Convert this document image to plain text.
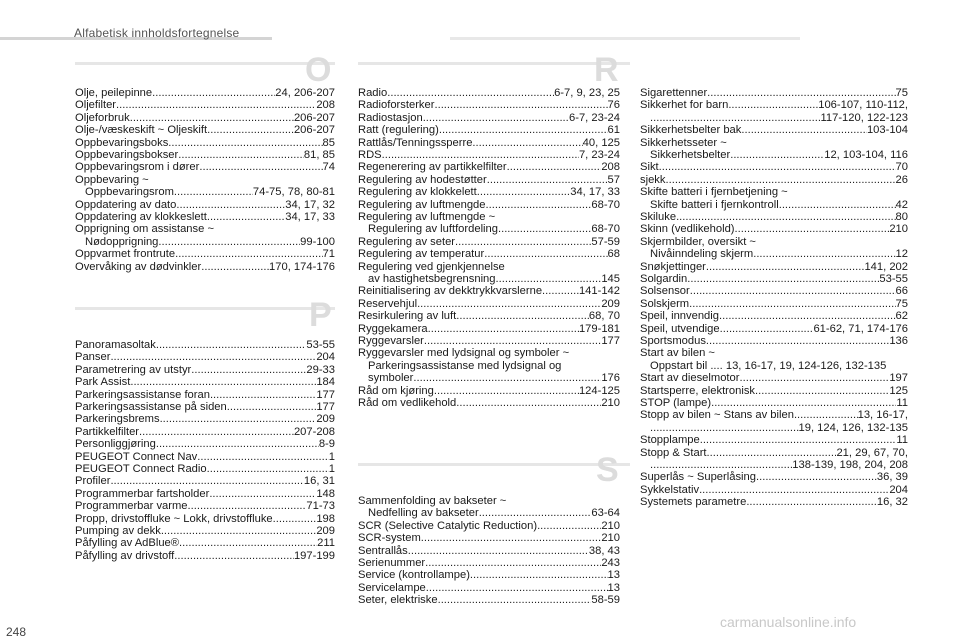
Alfabetisk innholdsfortegnelse
O
Olje, peilepinne .....	24, 206-207
Oljefilter .....	208
Oljeforbruk .....	206-207
Olje-/væskeskift ~ Oljeskift .....	206-207
Oppbevaringsboks .....	85
Oppbevaringsbokser .....	81, 85
Oppbevaringsrom i dører .....	74
Oppbevaring ~
Oppbevaringsrom .....	74-75, 78, 80-81
Oppdatering av dato .....	34, 17, 32
Oppdatering av klokkeslett .....	34, 17, 33
Opprigning om assistanse ~
Nødopprigning .....	99-100
Oppvarmet frontrute .....	71
Overvåking av dødvinkler .....	170, 174-176
P
Panoramasoltak .....	53-55
Panser .....	204
Parametrering av utstyr .....	29-33
Park Assist .....	184
Parkeringsassistanse foran .....	177
Parkeringsassistanse på siden .....	177
Parkeringsbrems .....	209
Partikkelfilter .....	207-208
Personliggjøring .....	8-9
PEUGEOT Connect Nav .....	1
PEUGEOT Connect Radio .....	1
Profiler .....	16, 31
Programmerbar fartsholder .....	148
Programmerbar varme .....	71-73
Propp, drivstoffluke ~ Lokk, drivstoffluke .....	198
Pumping av dekk .....	209
Påfylling av AdBlue® .....	211
Påfylling av drivstoff .....	197-199
R
Radio .....	6-7, 9, 23, 25
Radioforsterker .....	76
Radiostasjon .....	6-7, 23-24
Ratt (regulering) .....	61
Rattlås/Tenningssperre .....	40, 125
RDS .....	7, 23-24
Regenerering av partikkelfilter .....	208
Regulering av hodestøtter .....	57
Regulering av klokkelett .....	34, 17, 33
Regulering av luftmengde .....	68-70
Regulering av luftmengde ~
Regulering av luftfordeling .....	68-70
Regulering av seter .....	57-59
Regulering av temperatur .....	68
Regulering ved gjenkjennelse
av hastighetsbegrensning .....	145
Reinitialisering av dekktrykkvarslerne .....	141-142
Reservehjul .....	209
Resirkulering av luft .....	68, 70
Ryggekamera .....	179-181
Ryggevarsler .....	177
Ryggevarsler med lydsignal og symboler ~
Parkeringsassistanse med lydsignal og
symboler .....	176
Råd om kjøring .....	124-125
Råd om vedlikehold .....	210
S
Sammenfolding av bakseter ~
Nedfelling av bakseter .....	63-64
SCR (Selective Catalytic Reduction) .....	210
SCR-system .....	210
Sentrallås .....	38, 43
Serienummer .....	243
Service (kontrollampe) .....	13
Servicelampe .....	13
Seter, elektriske .....	58-59
Sigarettenner .....	75
Sikkerhet for barn .....	106-107, 110-112,
.....
117-120, 122-123
Sikkerhetsbelter bak .....	103-104
Sikkerhetsseter ~
Sikkerhetsbelter .....	12, 103-104, 116
Sikt .....	70
sjekk .....	26
Skifte batteri i fjernbetjening ~
Skifte batteri i fjernkontroll .....	42
Skiluke .....	80
Skinn (vedlikehold) .....	210
Skjermbilder, oversikt ~
Nivåinndeling skjerm .....	12
Snøkjettinger .....	141, 202
Solgardin .....	53-55
Solsensor .....	66
Solskjerm .....	75
Speil, innvendig .....	62
Speil, utvendige .....	61-62, 71, 174-176
Sportsmodus .....	136
Start av bilen ~
Oppstart bil .... 13, 16-17, 19, 124-126, 132-135
Start av dieselmotor .....	197
Startsperre, elektronisk .....	125
STOP (lampe) .....	11
Stopp av bilen ~ Stans av bilen .....	13, 16-17,
.....
19, 124, 126, 132-135
Stopplampe .....	11
Stopp & Start .....	21, 29, 67, 70,
.....
138-139, 198, 204, 208
Superlås ~ Superlåsing .....	36, 39
Sykkelstativ .....	204
Systemets parametre .....	16, 32
248
carmanualsonline.info
